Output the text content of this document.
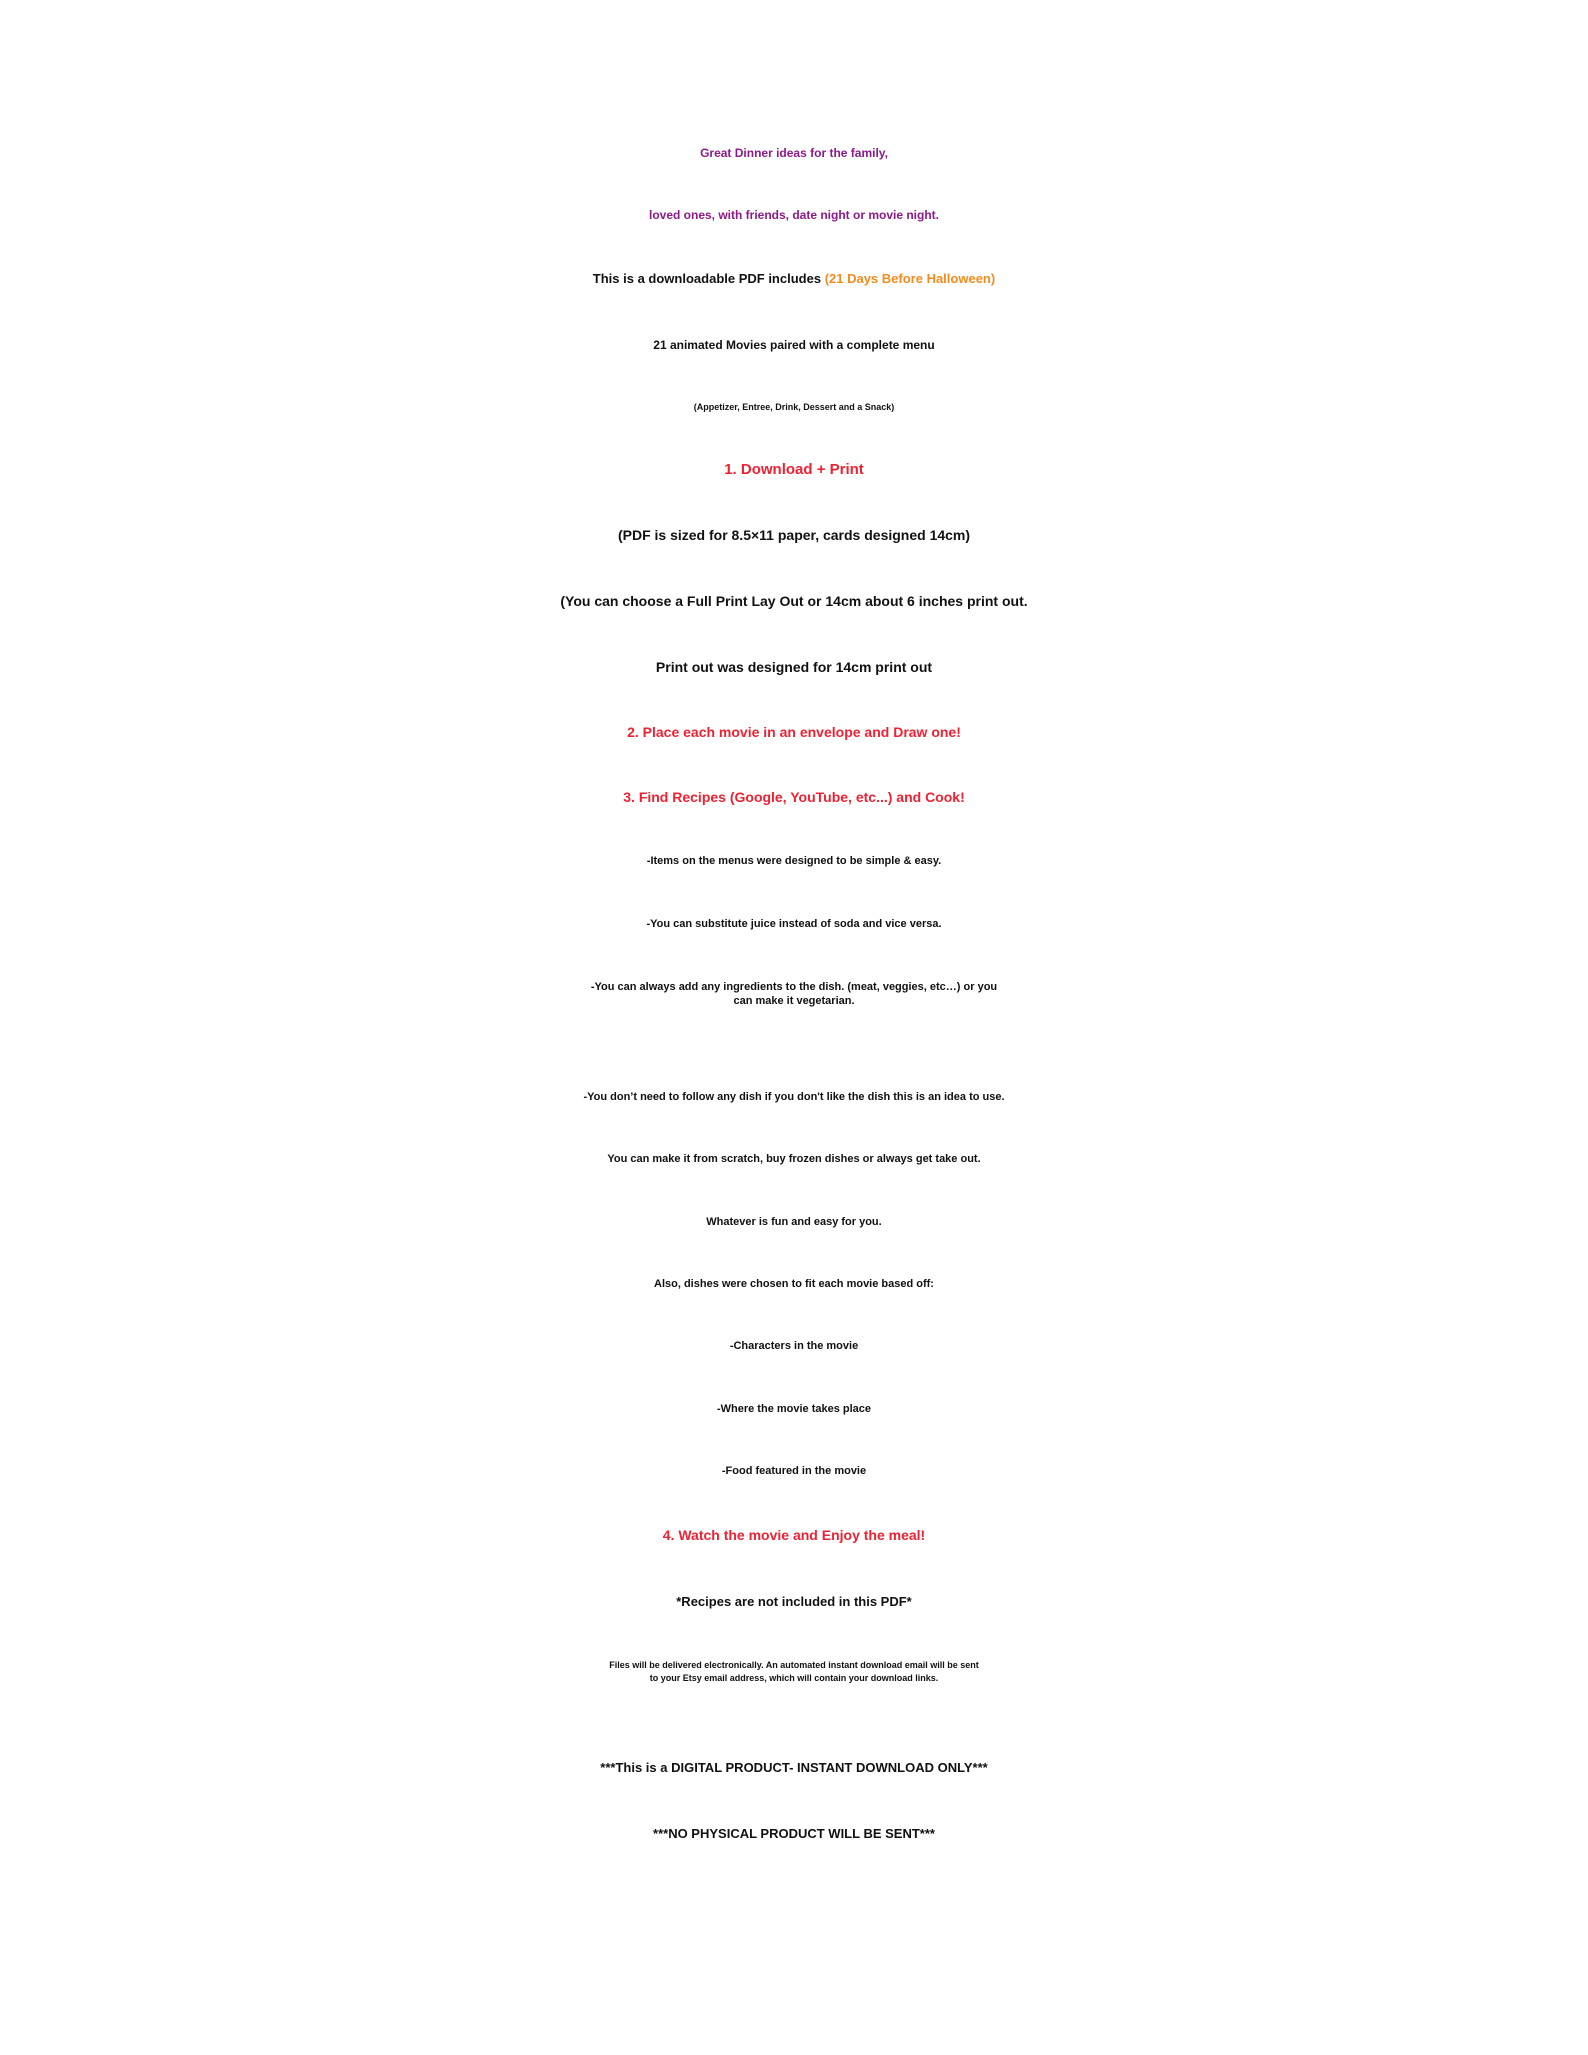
Great Dinner ideas for the family,
loved ones, with friends, date night or movie night.
This is a downloadable PDF includes (21 Days Before Halloween)
21 animated Movies paired with a complete menu
(Appetizer, Entree, Drink, Dessert and a Snack)
1. Download + Print
(PDF is sized for 8.5×11 paper, cards designed 14cm)
(You can choose a Full Print Lay Out or 14cm about 6 inches print out.
Print out was designed for 14cm print out
2. Place each movie in an envelope and Draw one!
3. Find Recipes (Google, YouTube, etc...) and Cook!
-Items on the menus were designed to be simple & easy.
-You can substitute juice instead of soda and vice versa.
-You can always add any ingredients to the dish. (meat, veggies, etc…) or you
can make it vegetarian.
-You don’t need to follow any dish if you don't like the dish this is an idea to use.
You can make it from scratch, buy frozen dishes or always get take out.
Whatever is fun and easy for you.
Also, dishes were chosen to fit each movie based off:
-Characters in the movie
-Where the movie takes place
-Food featured in the movie
4. Watch the movie and Enjoy the meal!
*Recipes are not included in this PDF*
Files will be delivered electronically. An automated instant download email will be sent
to your Etsy email address, which will contain your download links.
***This is a DIGITAL PRODUCT- INSTANT DOWNLOAD ONLY***
***NO PHYSICAL PRODUCT WILL BE SENT***
